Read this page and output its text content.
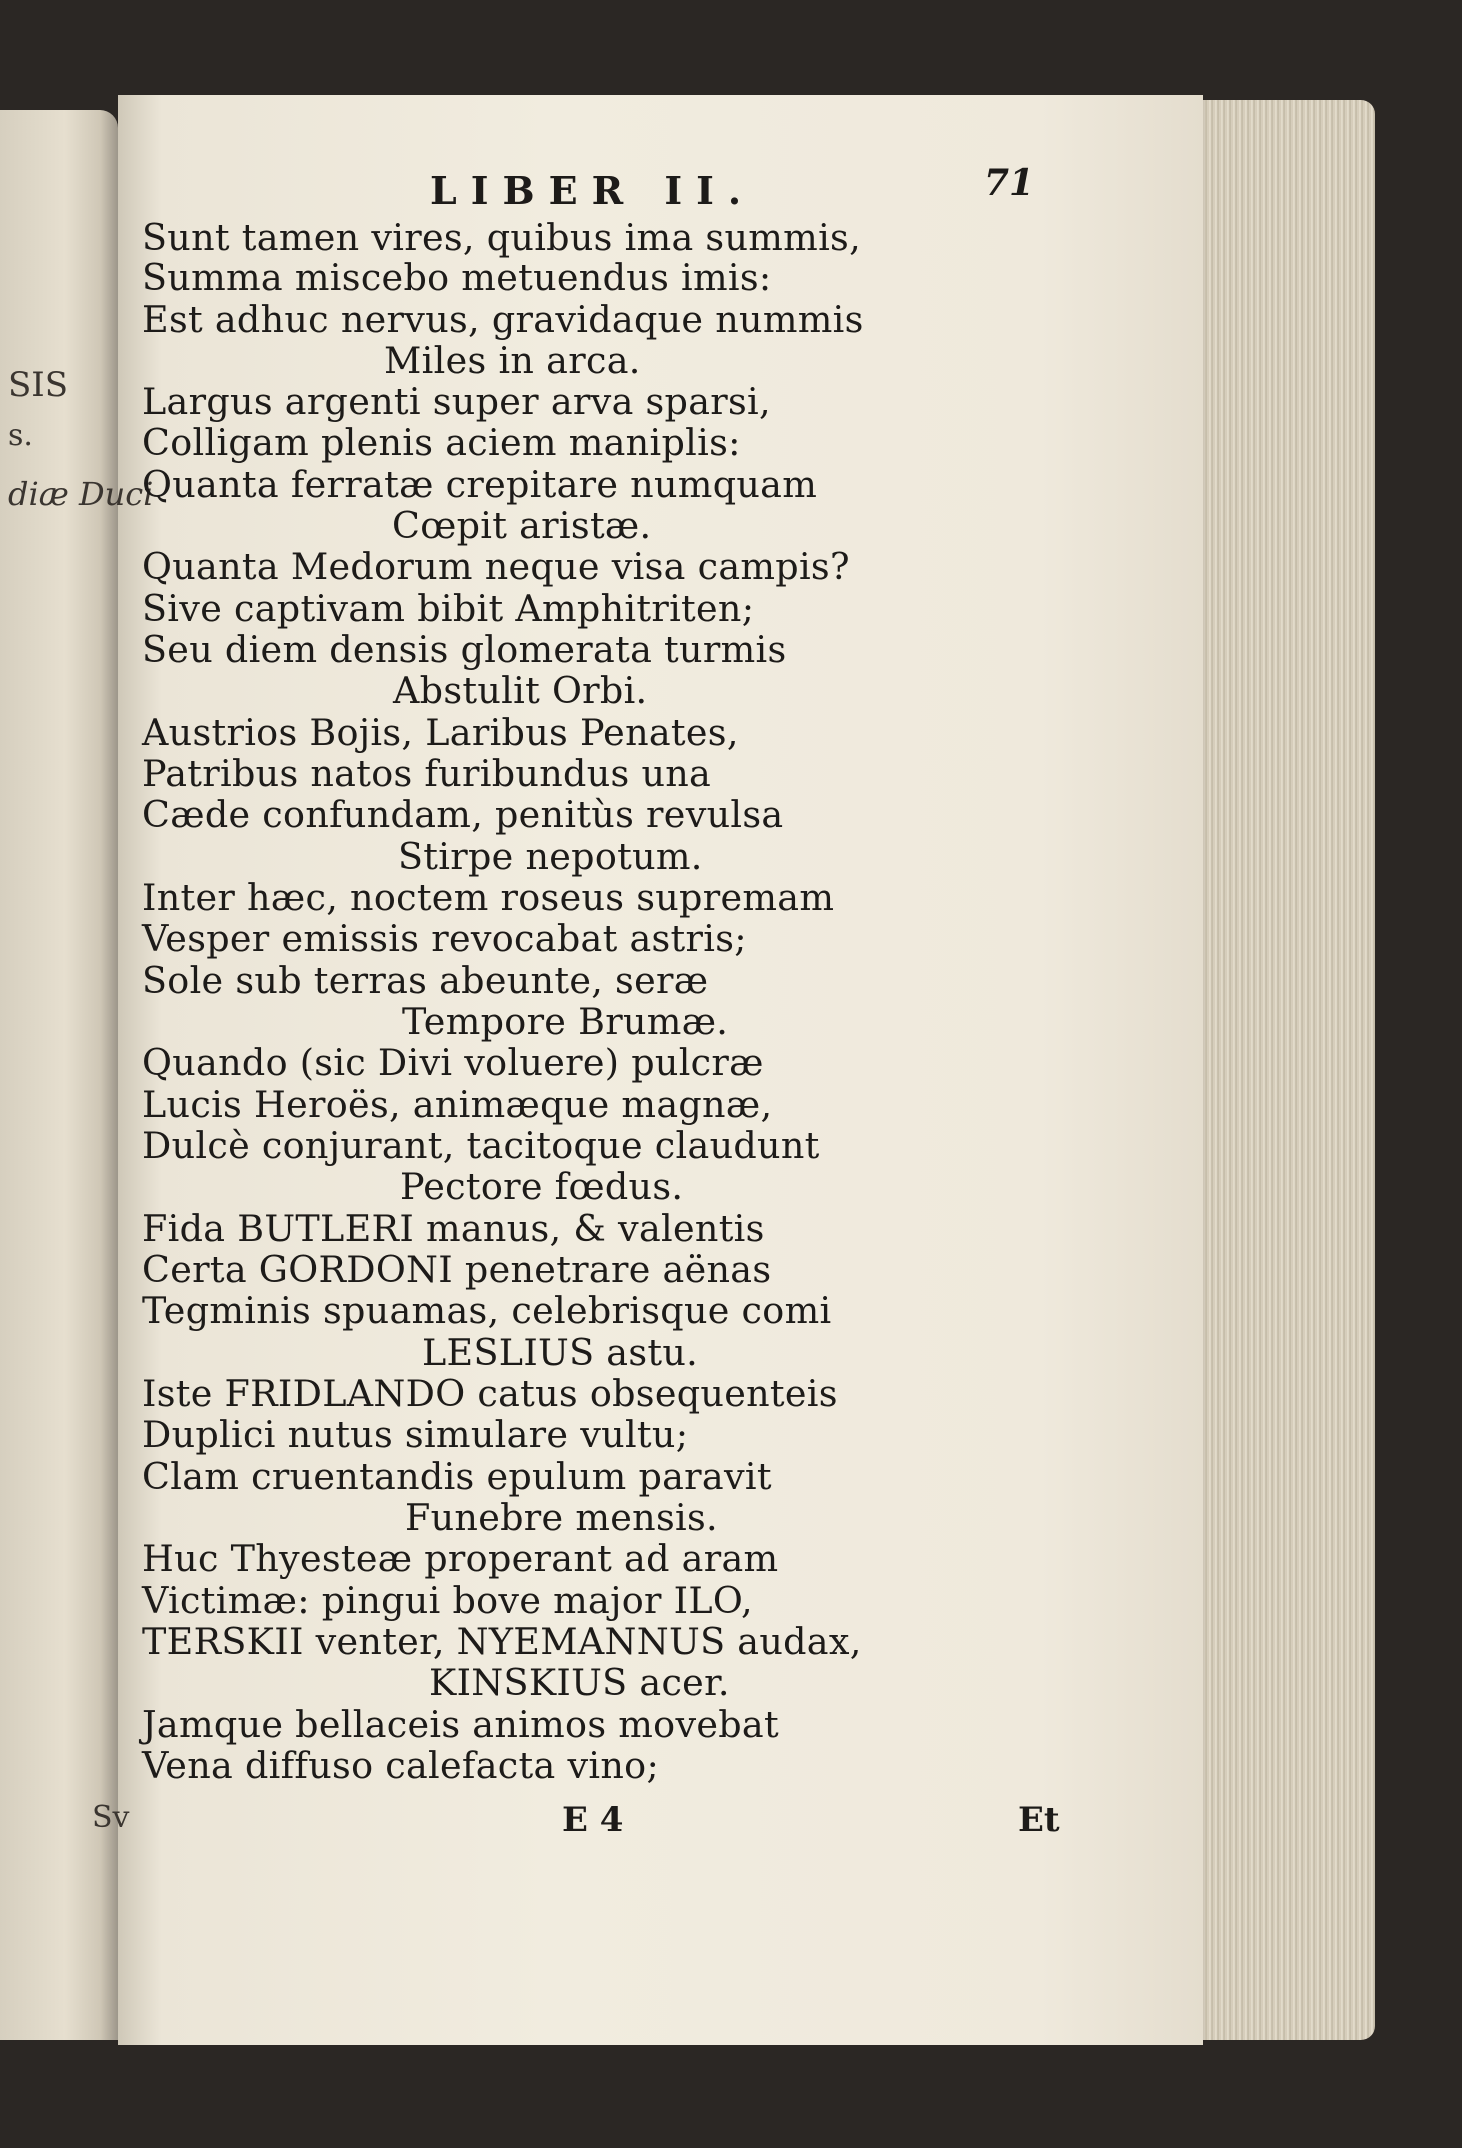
SIS
s.
diæ Duci
Sv
LIBER II.	71
Sunt tamen vires, quibus ima summis,
Summa miscebo metuendus imis:
Est adhuc nervus, gravidaque nummis
Miles in arca.
Largus argenti super arva sparsi,
Colligam plenis aciem maniplis:
Quanta ferratæ crepitare numquam
Cœpit aristæ.
Quanta Medorum neque visa campis?
Sive captivam bibit Amphitriten;
Seu diem densis glomerata turmis
Abstulit Orbi.
Austrios Bojis, Laribus Penates,
Patribus natos furibundus una
Cæde confundam, penitùs revulsa
Stirpe nepotum.
Inter hæc, noctem roseus supremam
Vesper emissis revocabat astris;
Sole sub terras abeunte, seræ
Tempore Brumæ.
Quando (sic Divi voluere) pulcræ
Lucis Heroës, animæque magnæ,
Dulcè conjurant, tacitoque claudunt
Pectore fœdus.
Fida BUTLERI manus, & valentis
Certa GORDONI penetrare aënas
Tegminis spuamas, celebrisque comi
LESLIUS astu.
Iste FRIDLANDO catus obsequenteis
Duplici nutus simulare vultu;
Clam cruentandis epulum paravit
Funebre mensis.
Huc Thyesteæ properant ad aram
Victimæ: pingui bove major ILO,
TERSKII venter, NYEMANNUS audax,
KINSKIUS acer.
Jamque bellaceis animos movebat
Vena diffuso calefacta vino;
E 4	Et
